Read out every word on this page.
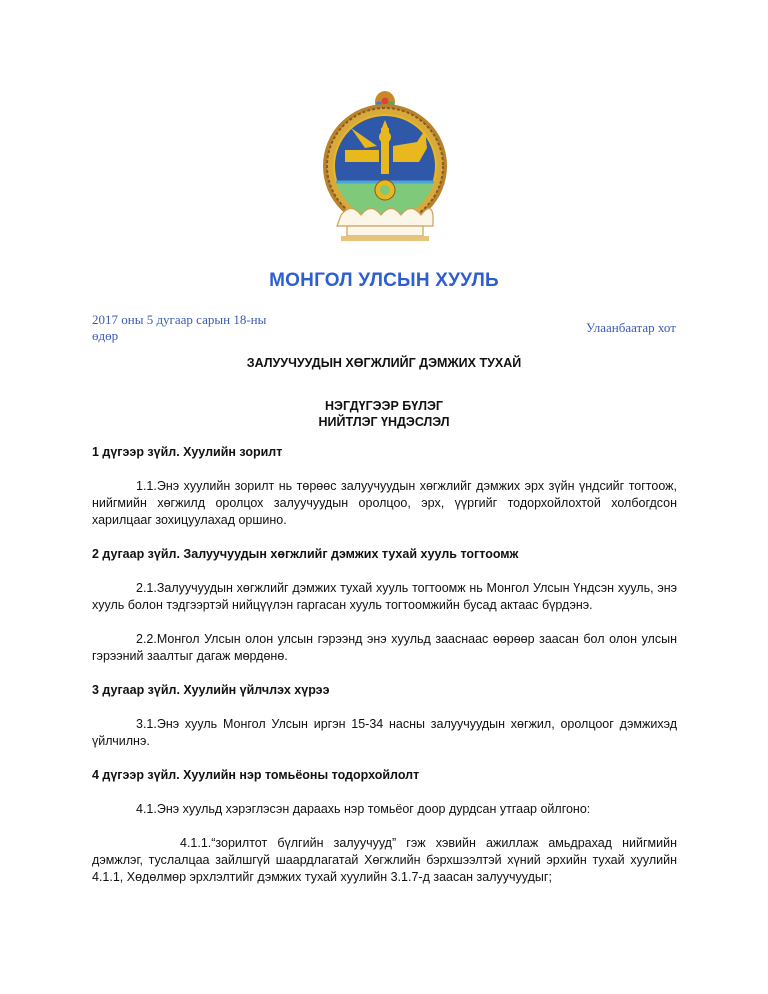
МОНГОЛ УЛСЫН ХУУЛЬ
2017 оны 5 дугаар сарын 18-ны
өдөр
Улаанбаатар хот
ЗАЛУУЧУУДЫН ХӨГЖЛИЙГ ДЭМЖИХ ТУХАЙ
НЭГДҮГЭЭР БҮЛЭГ
НИЙТЛЭГ ҮНДЭСЛЭЛ
1 дүгээр зүйл. Хуулийн зорилт

1.1.Энэ хуулийн зорилт нь төрөөс залуучуудын хөгжлийг дэмжих эрх зүйн үндсийг тогтоож, нийгмийн хөгжилд оролцох залуучуудын оролцоо, эрх, үүргийг тодорхойлохтой холбогдсон харилцааг зохицуулахад оршино.

2 дугаар зүйл. Залуучуудын хөгжлийг дэмжих тухай хууль тогтоомж

2.1.Залуучуудын хөгжлийг дэмжих тухай хууль тогтоомж нь Монгол Улсын Үндсэн хууль, энэ хууль болон тэдгээртэй нийцүүлэн гаргасан хууль тогтоомжийн бусад актаас бүрдэнэ.

2.2.Монгол Улсын олон улсын гэрээнд энэ хуульд зааснаас өөрөөр заасан бол олон улсын гэрээний заалтыг дагаж мөрдөнө.

3 дугаар зүйл. Хуулийн үйлчлэх хүрээ

3.1.Энэ хууль Монгол Улсын иргэн 15-34 насны залуучуудын хөгжил, оролцоог дэмжихэд үйлчилнэ.

4 дүгээр зүйл. Хуулийн нэр томьёоны тодорхойлолт

4.1.Энэ хуульд хэрэглэсэн дараахь нэр томьёог доор дурдсан утгаар ойлгоно:

4.1.1.“зорилтот бүлгийн залуучууд” гэж хэвийн ажиллаж амьдрахад нийгмийн дэмжлэг, туслалцаа зайлшгүй шаардлагатай Хөгжлийн бэрхшээлтэй хүний эрхийн тухай хуулийн 4.1.1, Хөдөлмөр эрхлэлтийг дэмжих тухай хуулийн 3.1.7-д заасан залуучуудыг;
